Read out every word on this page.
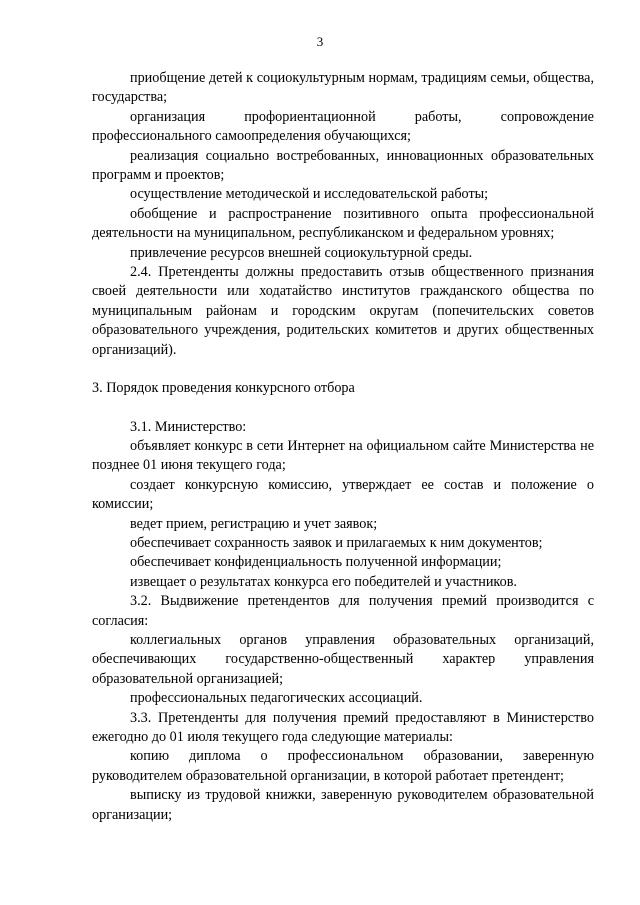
3

приобщение детей к социокультурным нормам, традициям семьи, общества, государства;

организация профориентационной работы, сопровождение профессионального самоопределения обучающихся;

реализация социально востребованных, инновационных образовательных программ и проектов;

осуществление методической и исследовательской работы;

обобщение и распространение позитивного опыта профессиональной деятельности на муниципальном, республиканском и федеральном уровнях;

привлечение ресурсов внешней социокультурной среды.

2.4. Претенденты должны предоставить отзыв общественного признания своей деятельности или ходатайство институтов гражданского общества по муниципальным районам и городским округам (попечительских советов образовательного учреждения, родительских комитетов и других общественных организаций).

3. Порядок проведения конкурсного отбора

3.1. Министерство:

объявляет конкурс в сети Интернет на официальном сайте Министерства не позднее 01 июня текущего года;

создает конкурсную комиссию, утверждает ее состав и положение о комиссии;

ведет прием, регистрацию и учет заявок;

обеспечивает сохранность заявок и прилагаемых к ним документов;

обеспечивает конфиденциальность полученной информации;

извещает о результатах конкурса его победителей и участников.

3.2. Выдвижение претендентов для получения премий производится с согласия:

коллегиальных органов управления образовательных организаций, обеспечивающих государственно-общественный характер управления образовательной организацией;

профессиональных педагогических ассоциаций.

3.3. Претенденты для получения премий предоставляют в Министерство ежегодно до 01 июля текущего года следующие материалы:

копию диплома о профессиональном образовании, заверенную руководителем образовательной организации, в которой работает претендент;

выписку из трудовой книжки, заверенную руководителем образовательной организации;
